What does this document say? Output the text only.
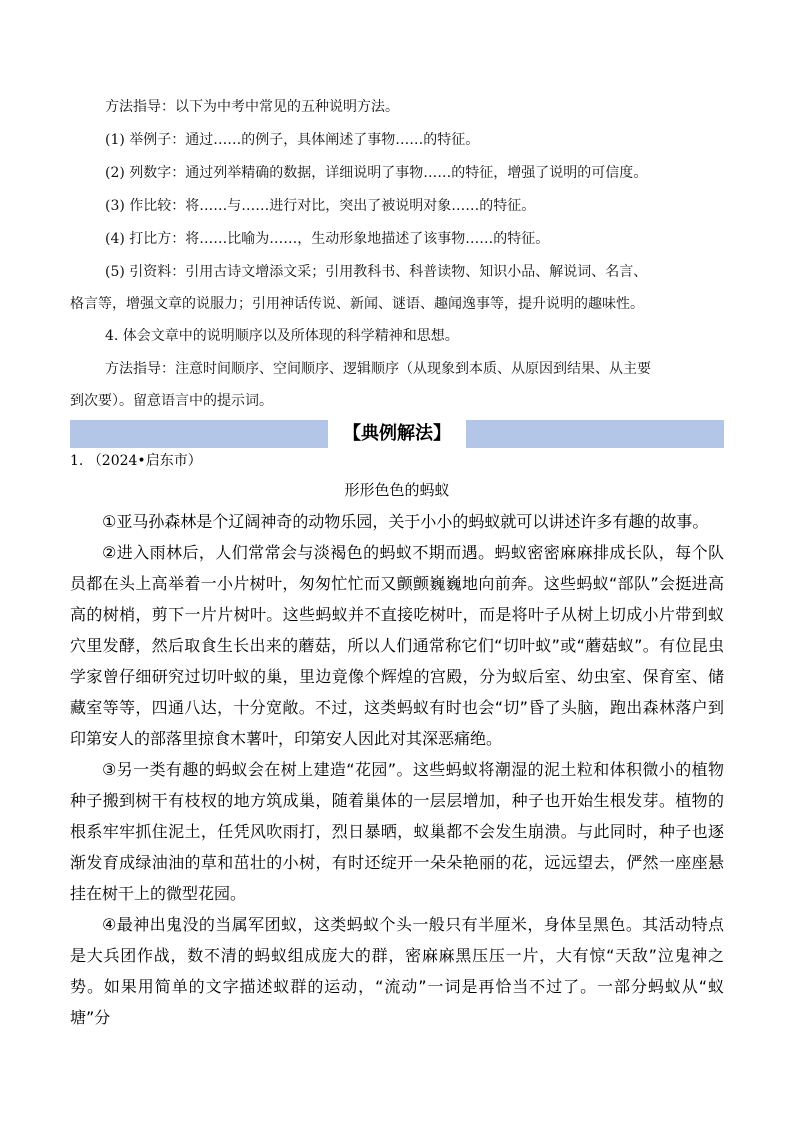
方法指导：以下为中考中常见的五种说明方法。
(1) 举例子：通过……的例子，具体阐述了事物……的特征。
(2) 列数字：通过列举精确的数据，详细说明了事物……的特征，增强了说明的可信度。
(3) 作比较：将……与……进行对比，突出了被说明对象……的特征。
(4) 打比方：将……比喻为……，生动形象地描述了该事物……的特征。
(5) 引资料：引用古诗文增添文采；引用教科书、科普读物、知识小品、解说词、名言、
格言等，增强文章的说服力；引用神话传说、新闻、谜语、趣闻逸事等，提升说明的趣味性。
4. 体会文章中的说明顺序以及所体现的科学精神和思想。
方法指导：注意时间顺序、空间顺序、逻辑顺序（从现象到本质、从原因到结果、从主要
到次要）。留意语言中的提示词。
【典例解法】
1. （2024•启东市）
形形色色的蚂蚁

①亚马孙森林是个辽阔神奇的动物乐园，关于小小的蚂蚁就可以讲述许多有趣的故事。

②进入雨林后，人们常常会与淡褐色的蚂蚁不期而遇。蚂蚁密密麻麻排成长队，每个队员都在头上高举着一小片树叶，匆匆忙忙而又颤颤巍巍地向前奔。这些蚂蚁“部队”会挺进高高的树梢，剪下一片片树叶。这些蚂蚁并不直接吃树叶，而是将叶子从树上切成小片带到蚁穴里发酵，然后取食生长出来的蘑菇，所以人们通常称它们“切叶蚁”或“蘑菇蚁”。有位昆虫学家曾仔细研究过切叶蚁的巢，里边竟像个辉煌的宫殿，分为蚁后室、幼虫室、保育室、储藏室等等，四通八达，十分宽敞。不过，这类蚂蚁有时也会“切”昏了头脑，跑出森林落户到印第安人的部落里掠食木薯叶，印第安人因此对其深恶痛绝。

③另一类有趣的蚂蚁会在树上建造“花园”。这些蚂蚁将潮湿的泥土粒和体积微小的植物种子搬到树干有枝杈的地方筑成巢，随着巢体的一层层增加，种子也开始生根发芽。植物的根系牢牢抓住泥土，任凭风吹雨打，烈日暴晒，蚁巢都不会发生崩溃。与此同时，种子也逐渐发育成绿油油的草和茁壮的小树，有时还绽开一朵朵艳丽的花，远远望去，俨然一座座悬挂在树干上的微型花园。

④最神出鬼没的当属军团蚁，这类蚂蚁个头一般只有半厘米，身体呈黑色。其活动特点是大兵团作战，数不清的蚂蚁组成庞大的群，密麻麻黑压压一片，大有惊“天敌”泣鬼神之势。如果用简单的文字描述蚁群的运动，“流动”一词是再恰当不过了。一部分蚂蚁从“蚁塘”分
